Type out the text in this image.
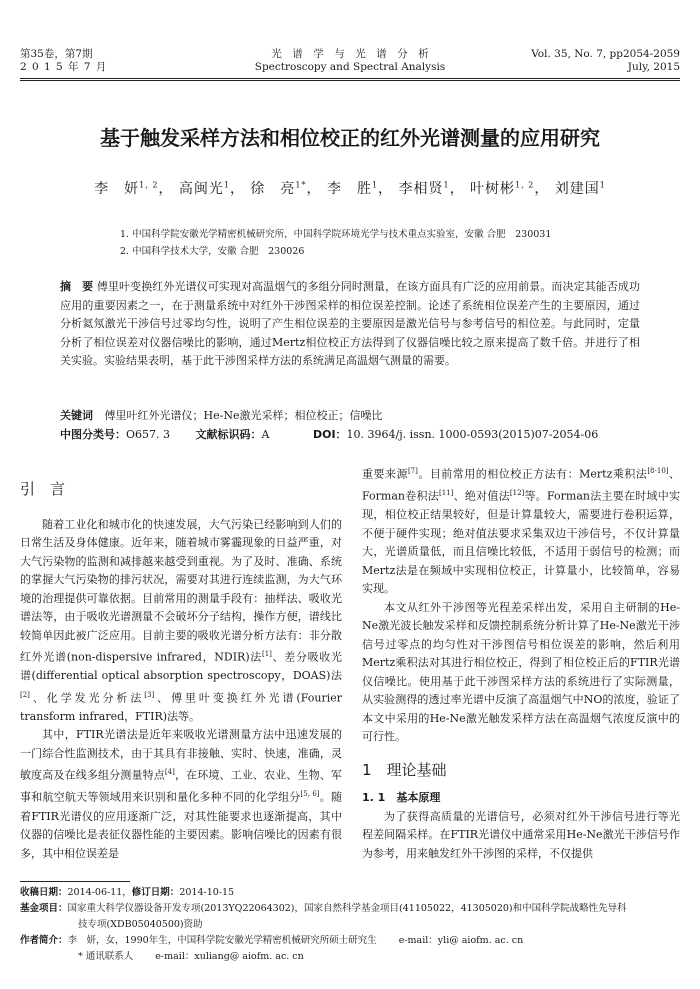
第35卷，第7期
2 0 1 5 年 7 月
光　谱　学　与　光　谱　分　析
Spectroscopy and Spectral Analysis
Vol. 35, No. 7, pp2054-2059
July, 2015
基于触发采样方法和相位校正的红外光谱测量的应用研究
李　妍$^{1, 2}$， 高闽光$^1$， 徐　亮$^{1*}$， 李　胜$^1$， 李相贤$^1$， 叶树彬$^{1, 2}$， 刘建国$^1$
1. 中国科学院安徽光学精密机械研究所，中国科学院环境光学与技术重点实验室，安徽 合肥　230031
2. 中国科学技术大学，安徽 合肥　230026
摘　要 傅里叶变换红外光谱仪可实现对高温烟气的多组分同时测量，在该方面具有广泛的应用前景。而决定其能否成功应用的重要因素之一，在于测量系统中对红外干涉图采样的相位误差控制。论述了系统相位误差产生的主要原因，通过分析氦氖激光干涉信号过零均匀性，说明了产生相位误差的主要原因是激光信号与参考信号的相位差。与此同时，定量分析了相位误差对仪器信噪比的影响，通过Mertz相位校正方法得到了仪器信噪比较之原来提高了数千倍。并进行了相关实验。实验结果表明，基于此干涉图采样方法的系统满足高温烟气测量的需要。
关键词 傅里叶红外光谱仪；He-Ne激光采样；相位校正；信噪比
中图分类号：O657. 3 文献标识码：A	DOI：10. 3964/j. issn. 1000-0593(2015)07-2054-06
引　言

随着工业化和城市化的快速发展，大气污染已经影响到人们的日常生活及身体健康。近年来，随着城市雾霾现象的日益严重，对大气污染物的监测和减排越来越受到重视。为了及时、准确、系统的掌握大气污染物的排污状况，需要对其进行连续监测，为大气环境的治理提供可靠依据。目前常用的测量手段有：抽样法、吸收光谱法等，由于吸收光谱测量不会破坏分子结构，操作方便，谱线比较简单因此被广泛应用。目前主要的吸收光谱分析方法有：非分散红外光谱(non-dispersive infrared，NDIR)法[1]、差分吸收光谱(differential optical absorption spectroscopy，DOAS)法[2]、化学发光分析法[3]、傅里叶变换红外光谱(Fourier transform infrared，FTIR)法等。

其中，FTIR光谱法是近年来吸收光谱测量方法中迅速发展的一门综合性监测技术，由于其具有非接触、实时、快速，准确，灵敏度高及在线多组分测量特点[4]，在环境、工业、农业、生物、军事和航空航天等领域用来识别和量化多种不同的化学组分[5, 6]。随着FTIR光谱仪的应用逐渐广泛，对其性能要求也逐渐提高，其中仪器的信噪比是表征仪器性能的主要因素。影响信噪比的因素有很多，其中相位误差是

重要来源[7]。目前常用的相位校正方法有：Mertz乘积法[8-10]、Forman卷积法[11]、绝对值法[12]等。Forman法主要在时域中实现，相位校正结果较好，但是计算量较大，需要进行卷积运算，不便于硬件实现；绝对值法要求采集双边干涉信号，不仅计算量大，光谱质量低，而且信噪比较低，不适用于弱信号的检测；而Mertz法是在频域中实现相位校正，计算量小，比较简单，容易实现。

本文从红外干涉图等光程差采样出发，采用自主研制的He-Ne激光波长触发采样和反馈控制系统分析计算了He-Ne激光干涉信号过零点的均匀性对干涉图信号相位误差的影响，然后利用Mertz乘积法对其进行相位校正，得到了相位校正后的FTIR光谱仪信噪比。使用基于此干涉图采样方法的系统进行了实际测量，从实验测得的透过率光谱中反演了高温烟气中NO的浓度，验证了本文中采用的He-Ne激光触发采样方法在高温烟气浓度反演中的可行性。

1　理论基础
1. 1　基本原理

为了获得高质量的光谱信号，必须对红外干涉信号进行等光程差间隔采样。在FTIR光谱仪中通常采用He-Ne激光干涉信号作为参考，用来触发红外干涉图的采样，不仅提供

收稿日期：2014-06-11，修订日期：2014-10-15
基金项目：国家重大科学仪器设备开发专项(2013YQ22064302)，国家自然科学基金项目(41105022，41305020)和中国科学院战略性先导科
技专项(XDB05040500)资助
作者简介：李　妍，女，1990年生，中国科学院安徽光学精密机械研究所硕士研究生 e-mail：yli@ aiofm. ac. cn
* 通讯联系人 e-mail：xuliang@ aiofm. ac. cn
